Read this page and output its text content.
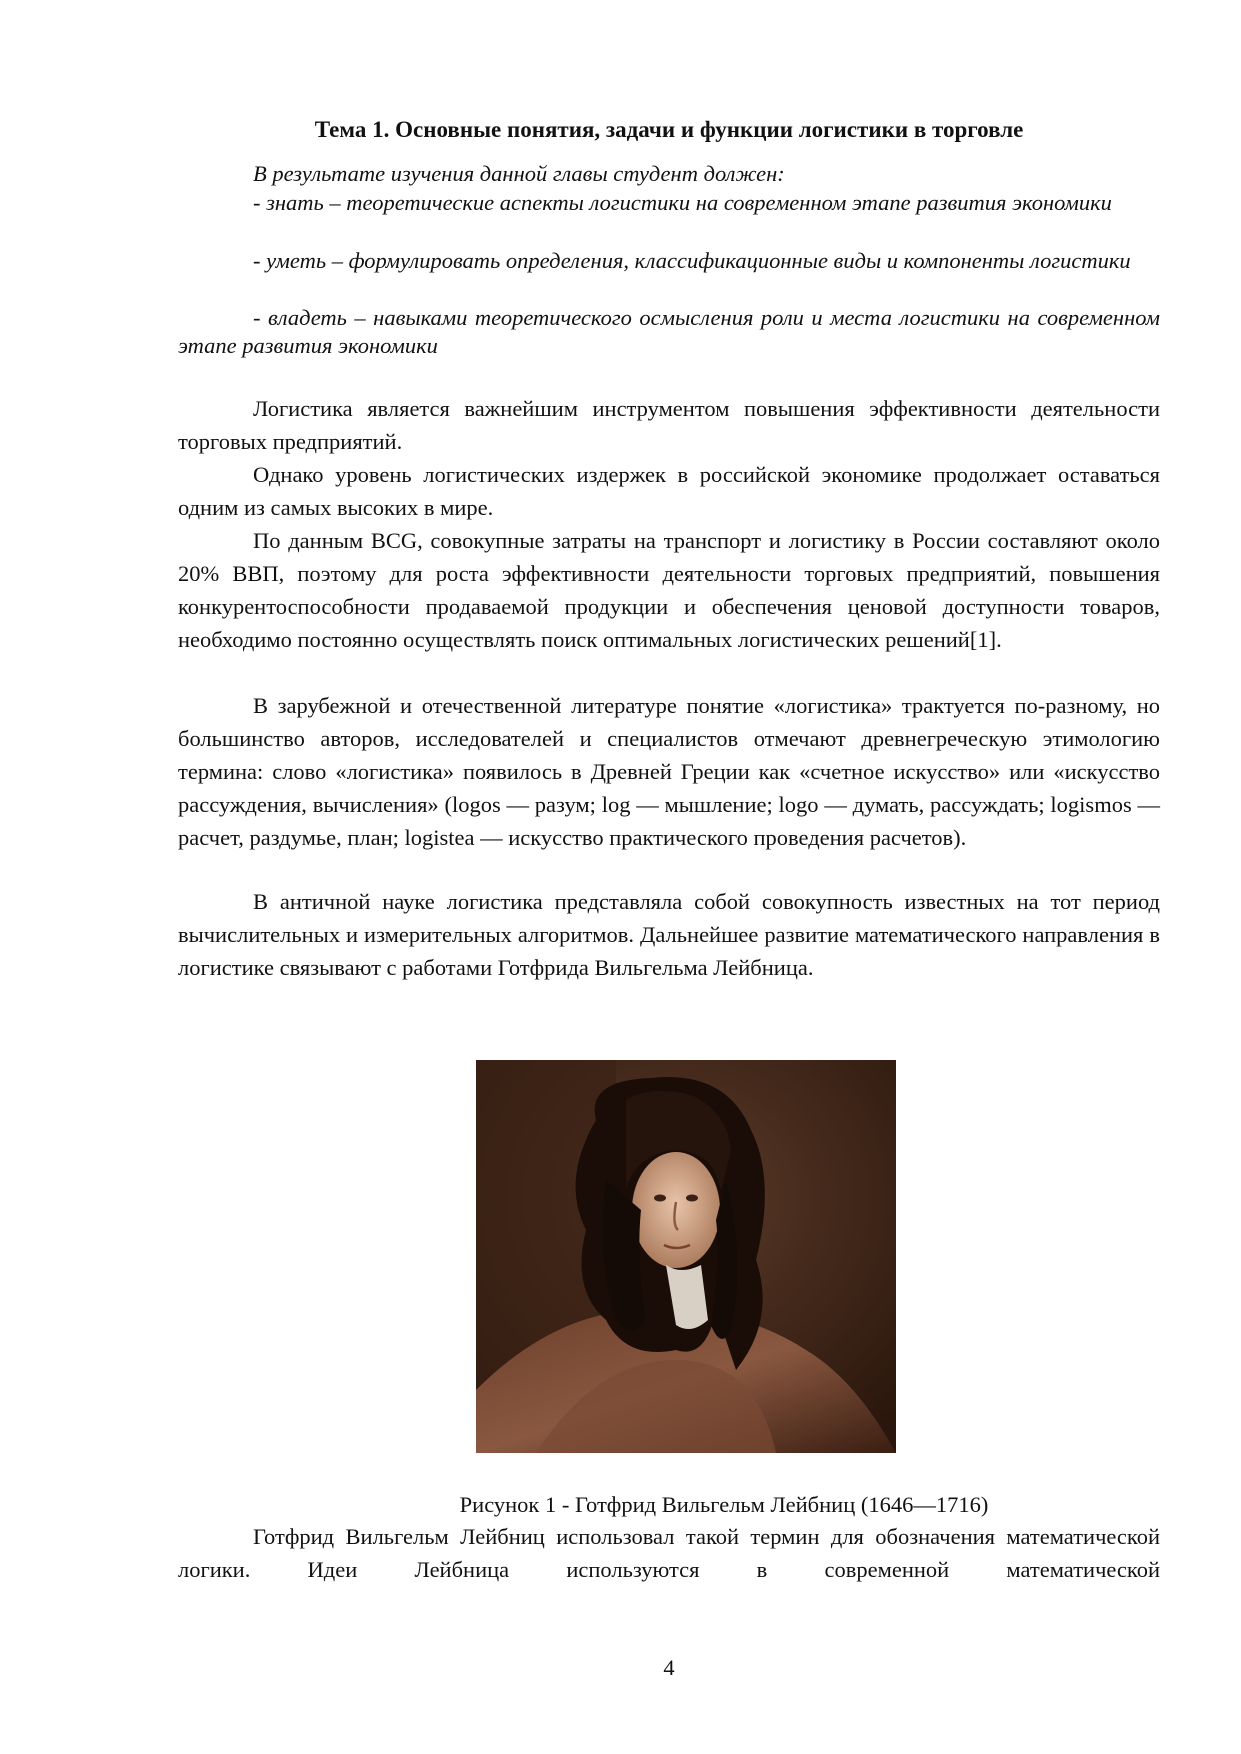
Тема 1. Основные понятия, задачи и функции логистики в торговле
В результате изучения данной главы студент должен:
- знать – теоретические аспекты логистики на современном этапе развития экономики
- уметь – формулировать определения, классификационные виды и компоненты логистики
- владеть – навыками теоретического осмысления роли и места логистики на современном этапе развития экономики
Логистика является важнейшим инструментом повышения эффективности деятельности торговых предприятий.
Однако уровень логистических издержек в российской экономике продолжает оставаться одним из самых высоких в мире.
По данным BCG, совокупные затраты на транспорт и логистику в России составляют около 20% ВВП, поэтому для роста эффективности деятельности торговых предприятий, повышения конкурентоспособности продаваемой продукции и обеспечения ценовой доступности товаров, необходимо постоянно осуществлять поиск оптимальных логистических решений[1].
В зарубежной и отечественной литературе понятие «логистика» трактуется по-разному, но большинство авторов, исследователей и специалистов отмечают древнегреческую этимологию термина: слово «логистика» появилось в Древней Греции как «счетное искусство» или «искусство рассуждения, вычисления» (logos — разум; log — мышление; logo — думать, рассуждать; logismos — расчет, раздумье, план; logistea — искусство практического проведения расчетов).
В античной науке логистика представляла собой совокупность известных на тот период вычислительных и измерительных алгоритмов. Дальнейшее развитие математического направления в логистике связывают с работами Готфрида Вильгельма Лейбница.
Рисунок 1 - Готфрид Вильгельм Лейбниц (1646—1716)
Готфрид Вильгельм Лейбниц использовал такой термин для обозначения математической логики. Идеи Лейбница используются в современной математической
4
